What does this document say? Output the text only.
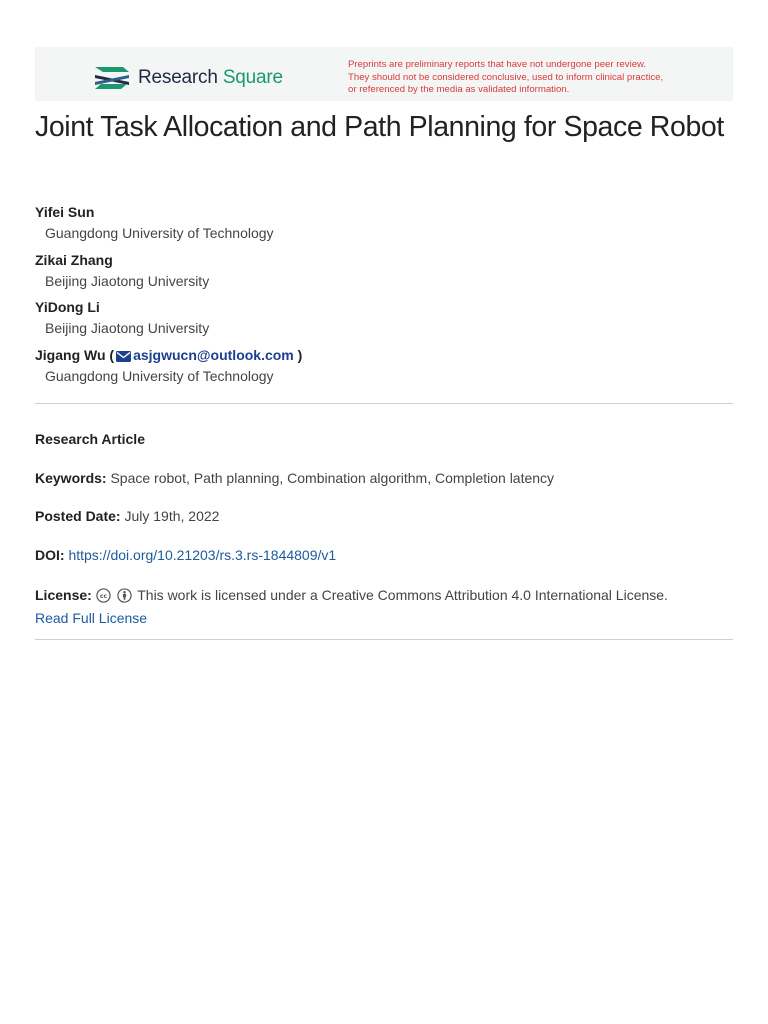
Research Square
Preprints are preliminary reports that have not undergone peer review.
They should not be considered conclusive, used to inform clinical practice,
or referenced by the media as validated information.
Joint Task Allocation and Path Planning for Space Robot
Yifei Sun
Guangdong University of Technology
Zikai Zhang
Beijing Jiaotong University
YiDong Li
Beijing Jiaotong University
Jigang Wu ( asjgwucn@outlook.com )
Guangdong University of Technology
Research Article
Keywords: Space robot, Path planning, Combination algorithm, Completion latency
Posted Date: July 19th, 2022
DOI: https://doi.org/10.21203/rs.3.rs-1844809/v1
License: cc This work is licensed under a Creative Commons Attribution 4.0 International License.
Read Full License
